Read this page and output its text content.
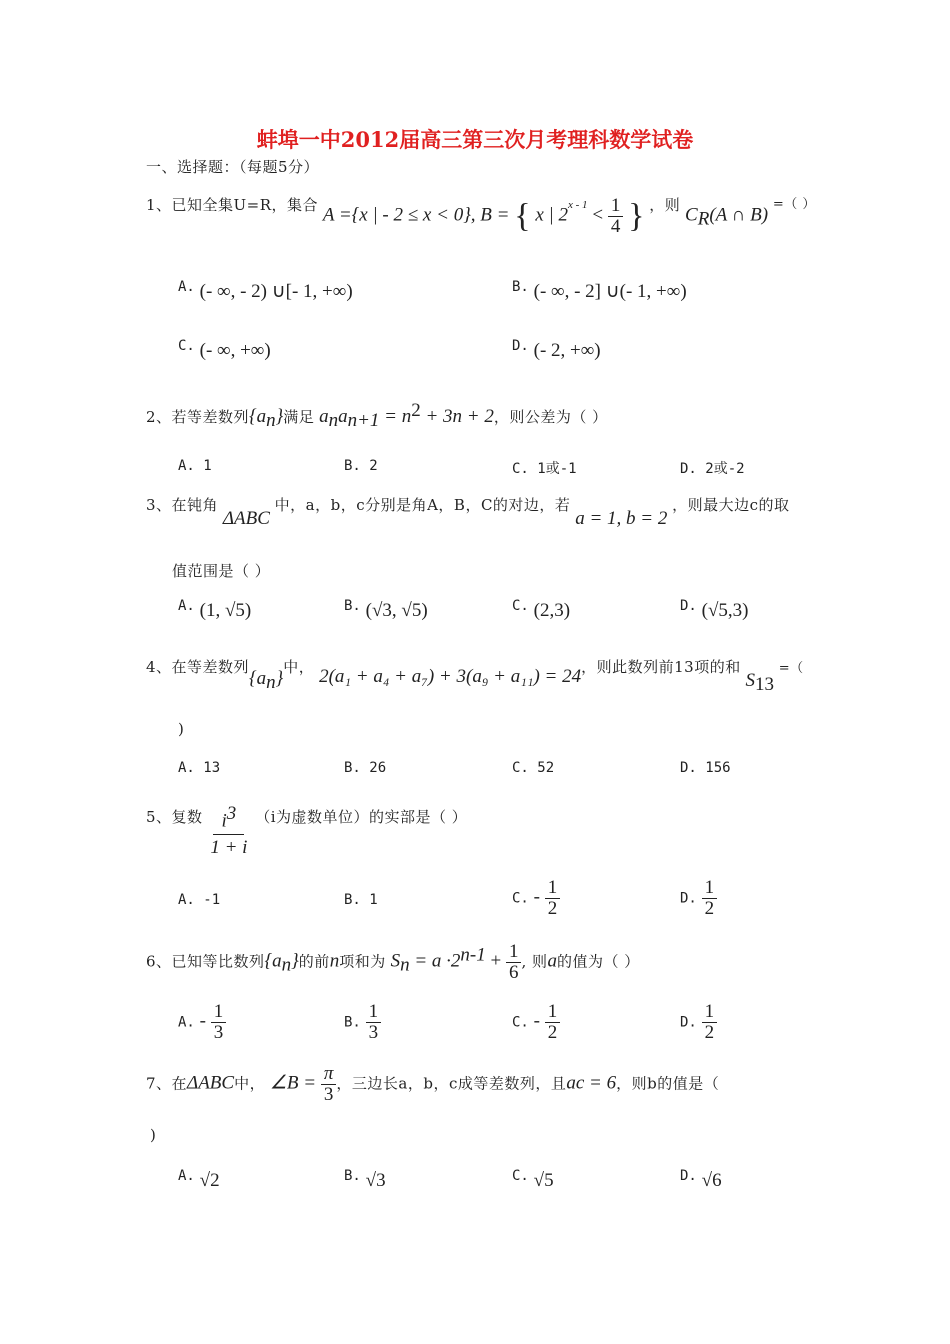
蚌埠一中2012届高三第三次月考理科数学试卷
一、选择题：（每题5分）
1、已知全集U=R，集合 A ={x | - 2 ≤ x < 0}, B = { x | $2^{x - 1} < \frac{1}{4}$ } ，则 $C_R(A$ ∩ B) =（ ）
A. (- ∞, - 2) ∪[- 1, +∞)	B. (- ∞, - 2] ∪(- 1, +∞)
C. (- ∞, +∞)	D. (- 2, +∞)
2、若等差数列$\{a_n\}$满足 $a_na_{n+1} = n^2 + 3n + 2$，则公差为（ ）
A. 1	B. 2	C. 1或-1	D. 2或-2
3、在钝角 ΔABC 中，a，b，c分别是角A，B，C的对边，若 a = 1, b = 2 ，则最大边c的取
值范围是（ ）
A. (1, √5)	B. (√3, √5)	C. (2,3)	D. (√5,3)
4、在等差数列$\{a_n\}$中， 2(a₁ + a₄ + a₇) + 3(a₉ + a₁₁) = 24，则此数列前13项的和 $S_{13}$ =（
)
A. 13	B. 26	C. 52	D. 156
5、复数 $\frac{i^3}{1 + i} (i$为虚数单位）的实部是（ ）
A. -1	B. 1	C. - $\frac{1}{2}$	D. $\frac{1}{2}$
6、已知等比数列$\{a_n\}$的前n项和为 $S_n = a \cdot 2^{n-1} + \frac{1}{6}$ , 则a的值为（ ）
A. - $\frac{1}{3}$	B. $\frac{1}{3}$	C. - $\frac{1}{2}$	D. $\frac{1}{2}$
7、在ΔABC中， ∠B = $\frac{\pi}{3}$ ，三边长a，b，c成等差数列，且ac = 6，则b的值是（
)
A. √2	B. √3	C. √5	D. √6
